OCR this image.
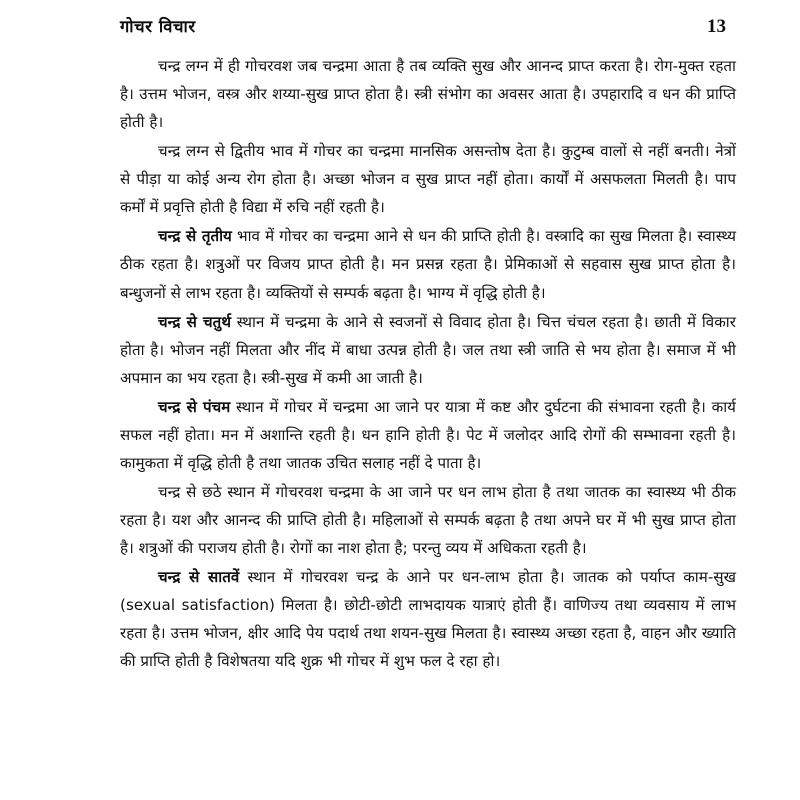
गोचर विचार	13

चन्द्र लग्न में ही गोचरवश जब चन्द्रमा आता है तब व्यक्ति सुख और आनन्द प्राप्त करता है। रोग-मुक्त रहता है। उत्तम भोजन, वस्त्र और शय्या-सुख प्राप्त होता है। स्त्री संभोग का अवसर आता है। उपहारादि व धन की प्राप्ति होती है।

चन्द्र लग्न से द्वितीय भाव में गोचर का चन्द्रमा मानसिक असन्तोष देता है। कुटुम्ब वालों से नहीं बनती। नेत्रों से पीड़ा या कोई अन्य रोग होता है। अच्छा भोजन व सुख प्राप्त नहीं होता। कार्यों में असफलता मिलती है। पाप कर्मों में प्रवृत्ति होती है विद्या में रुचि नहीं रहती है।

चन्द्र से तृतीय भाव में गोचर का चन्द्रमा आने से धन की प्राप्ति होती है। वस्त्रादि का सुख मिलता है। स्वास्थ्य ठीक रहता है। शत्रुओं पर विजय प्राप्त होती है। मन प्रसन्न रहता है। प्रेमिकाओं से सहवास सुख प्राप्त होता है। बन्धुजनों से लाभ रहता है। व्यक्तियों से सम्पर्क बढ़ता है। भाग्य में वृद्धि होती है।

चन्द्र से चतुर्थ स्थान में चन्द्रमा के आने से स्वजनों से विवाद होता है। चित्त चंचल रहता है। छाती में विकार होता है। भोजन नहीं मिलता और नींद में बाधा उत्पन्न होती है। जल तथा स्त्री जाति से भय होता है। समाज में भी अपमान का भय रहता है। स्त्री-सुख में कमी आ जाती है।

चन्द्र से पंचम स्थान में गोचर में चन्द्रमा आ जाने पर यात्रा में कष्ट और दुर्घटना की संभावना रहती है। कार्य सफल नहीं होता। मन में अशान्ति रहती है। धन हानि होती है। पेट में जलोदर आदि रोगों की सम्भावना रहती है। कामुकता में वृद्धि होती है तथा जातक उचित सलाह नहीं दे पाता है।

चन्द्र से छठे स्थान में गोचरवश चन्द्रमा के आ जाने पर धन लाभ होता है तथा जातक का स्वास्थ्य भी ठीक रहता है। यश और आनन्द की प्राप्ति होती है। महिलाओं से सम्पर्क बढ़ता है तथा अपने घर में भी सुख प्राप्त होता है। शत्रुओं की पराजय होती है। रोगों का नाश होता है; परन्तु व्यय में अधिकता रहती है।

चन्द्र से सातवें स्थान में गोचरवश चन्द्र के आने पर धन-लाभ होता है। जातक को पर्याप्त काम-सुख (sexual satisfaction) मिलता है। छोटी-छोटी लाभदायक यात्राएं होती हैं। वाणिज्य तथा व्यवसाय में लाभ रहता है। उत्तम भोजन, क्षीर आदि पेय पदार्थ तथा शयन-सुख मिलता है। स्वास्थ्य अच्छा रहता है, वाहन और ख्याति की प्राप्ति होती है विशेषतया यदि शुक्र भी गोचर में शुभ फल दे रहा हो।
